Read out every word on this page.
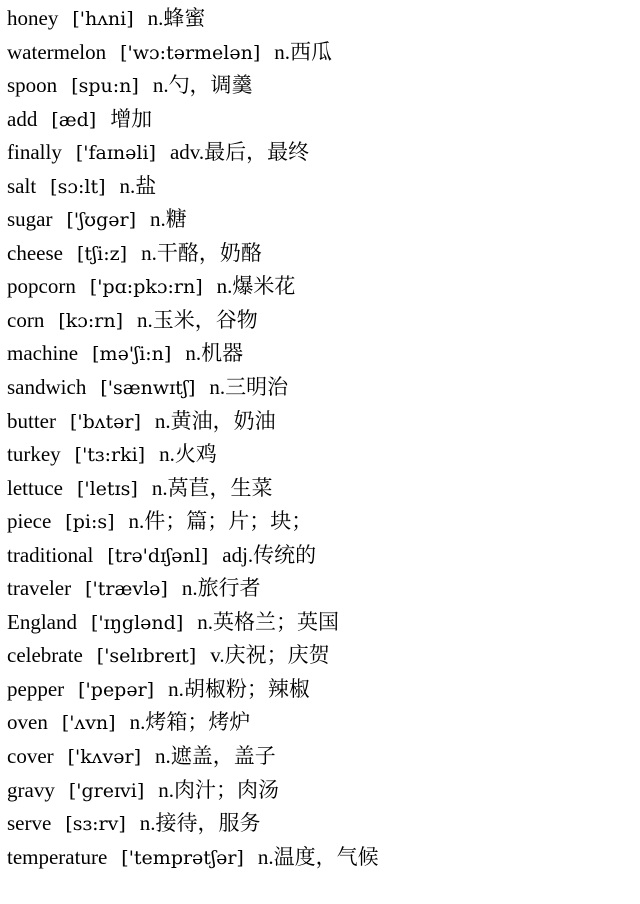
honey ['hʌni] n.蜂蜜
watermelon ['wɔ:tərmelən] n.西瓜
spoon [spu:n] n.勺，调羹
add [æd] 增加
finally ['faɪnəli] adv.最后，最终
salt [sɔ:lt] n.盐
sugar ['ʃʊgər] n.糖
cheese [tʃi:z] n.干酪，奶酪
popcorn ['pɑ:pkɔ:rn] n.爆米花
corn [kɔ:rn] n.玉米，谷物
machine [mə'ʃi:n] n.机器
sandwich ['sænwɪtʃ] n.三明治
butter ['bʌtər] n.黄油，奶油
turkey ['tɜ:rki] n.火鸡
lettuce ['letɪs] n.莴苣，生菜
piece [pi:s] n.件；篇；片；块；
traditional [trə'dɪʃənl] adj.传统的
traveler ['trævlə] n.旅行者
England ['ɪŋglənd] n.英格兰；英国
celebrate ['selɪbreɪt] v.庆祝；庆贺
pepper ['pepər] n.胡椒粉；辣椒
oven ['ʌvn] n.烤箱；烤炉
cover ['kʌvər] n.遮盖，盖子
gravy ['greɪvi] n.肉汁；肉汤
serve [sɜ:rv] n.接待，服务
temperature ['temprətʃər] n.温度，气候
